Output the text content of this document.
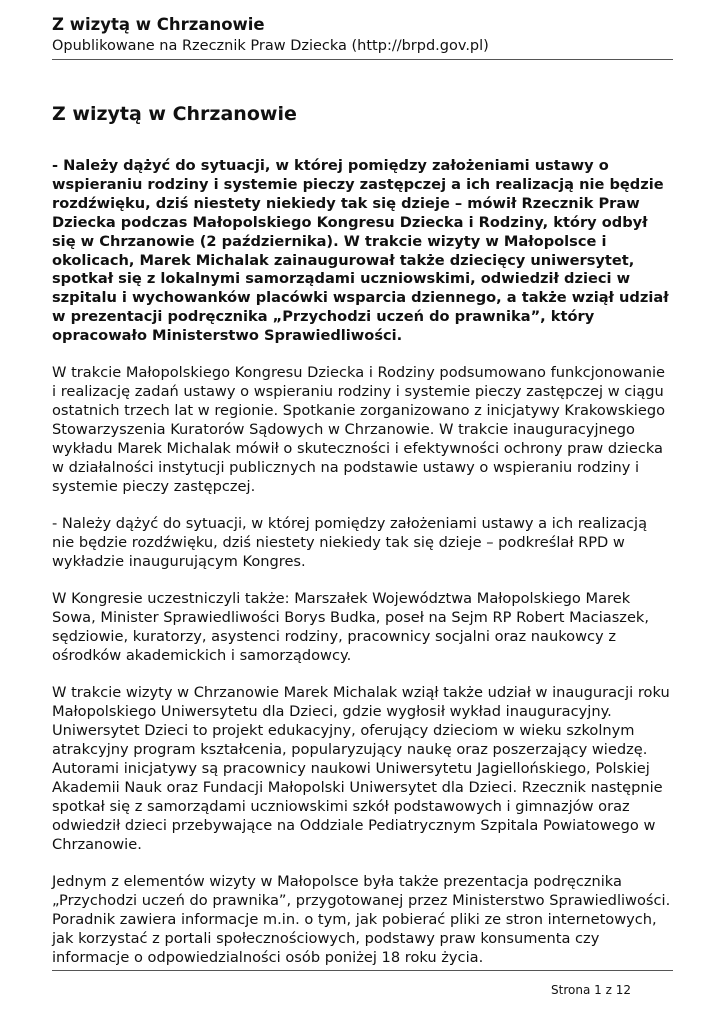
Z wizytą w Chrzanowie

Opublikowane na Rzecznik Praw Dziecka (http://brpd.gov.pl)

Z wizytą w Chrzanowie

- Należy dążyć do sytuacji, w której pomiędzy założeniami ustawy o wspieraniu rodziny i systemie pieczy zastępczej a ich realizacją nie będzie rozdźwięku, dziś niestety niekiedy tak się dzieje – mówił Rzecznik Praw Dziecka podczas Małopolskiego Kongresu Dziecka i Rodziny, który odbył się w Chrzanowie (2 października). W trakcie wizyty w Małopolsce i okolicach, Marek Michalak zainaugurował także dziecięcy uniwersytet, spotkał się z lokalnymi samorządami uczniowskimi, odwiedził dzieci w szpitalu i wychowanków placówki wsparcia dziennego, a także wziął udział w prezentacji podręcznika „Przychodzi uczeń do prawnika”, który opracowało Ministerstwo Sprawiedliwości.

W trakcie Małopolskiego Kongresu Dziecka i Rodziny podsumowano funkcjonowanie i realizację zadań ustawy o wspieraniu rodziny i systemie pieczy zastępczej w ciągu ostatnich trzech lat w regionie. Spotkanie zorganizowano z inicjatywy Krakowskiego Stowarzyszenia Kuratorów Sądowych w Chrzanowie. W trakcie inauguracyjnego wykładu Marek Michalak mówił o skuteczności i efektywności ochrony praw dziecka w działalności instytucji publicznych na podstawie ustawy o wspieraniu rodziny i systemie pieczy zastępczej.

- Należy dążyć do sytuacji, w której pomiędzy założeniami ustawy a ich realizacją nie będzie rozdźwięku, dziś niestety niekiedy tak się dzieje – podkreślał RPD w wykładzie inaugurującym Kongres.

W Kongresie uczestniczyli także: Marszałek Województwa Małopolskiego Marek Sowa, Minister Sprawiedliwości Borys Budka, poseł na Sejm RP Robert Maciaszek, sędziowie, kuratorzy, asystenci rodziny, pracownicy socjalni oraz naukowcy z ośrodków akademickich i samorządowcy.

W trakcie wizyty w Chrzanowie Marek Michalak wziął także udział w inauguracji roku Małopolskiego Uniwersytetu dla Dzieci, gdzie wygłosił wykład inauguracyjny. Uniwersytet Dzieci to projekt edukacyjny, oferujący dzieciom w wieku szkolnym atrakcyjny program kształcenia, popularyzujący naukę oraz poszerzający wiedzę. Autorami inicjatywy są pracownicy naukowi Uniwersytetu Jagiellońskiego, Polskiej Akademii Nauk oraz Fundacji Małopolski Uniwersytet dla Dzieci. Rzecznik następnie spotkał się z samorządami uczniowskimi szkół podstawowych i gimnazjów oraz odwiedził dzieci przebywające na Oddziale Pediatrycznym Szpitala Powiatowego w Chrzanowie.

Jednym z elementów wizyty w Małopolsce była także prezentacja podręcznika „Przychodzi uczeń do prawnika”, przygotowanej przez Ministerstwo Sprawiedliwości. Poradnik zawiera informacje m.in. o tym, jak pobierać pliki ze stron internetowych, jak korzystać z portali społecznościowych, podstawy praw konsumenta czy informacje o odpowiedzialności osób poniżej 18 roku życia.

Strona 1 z 12
